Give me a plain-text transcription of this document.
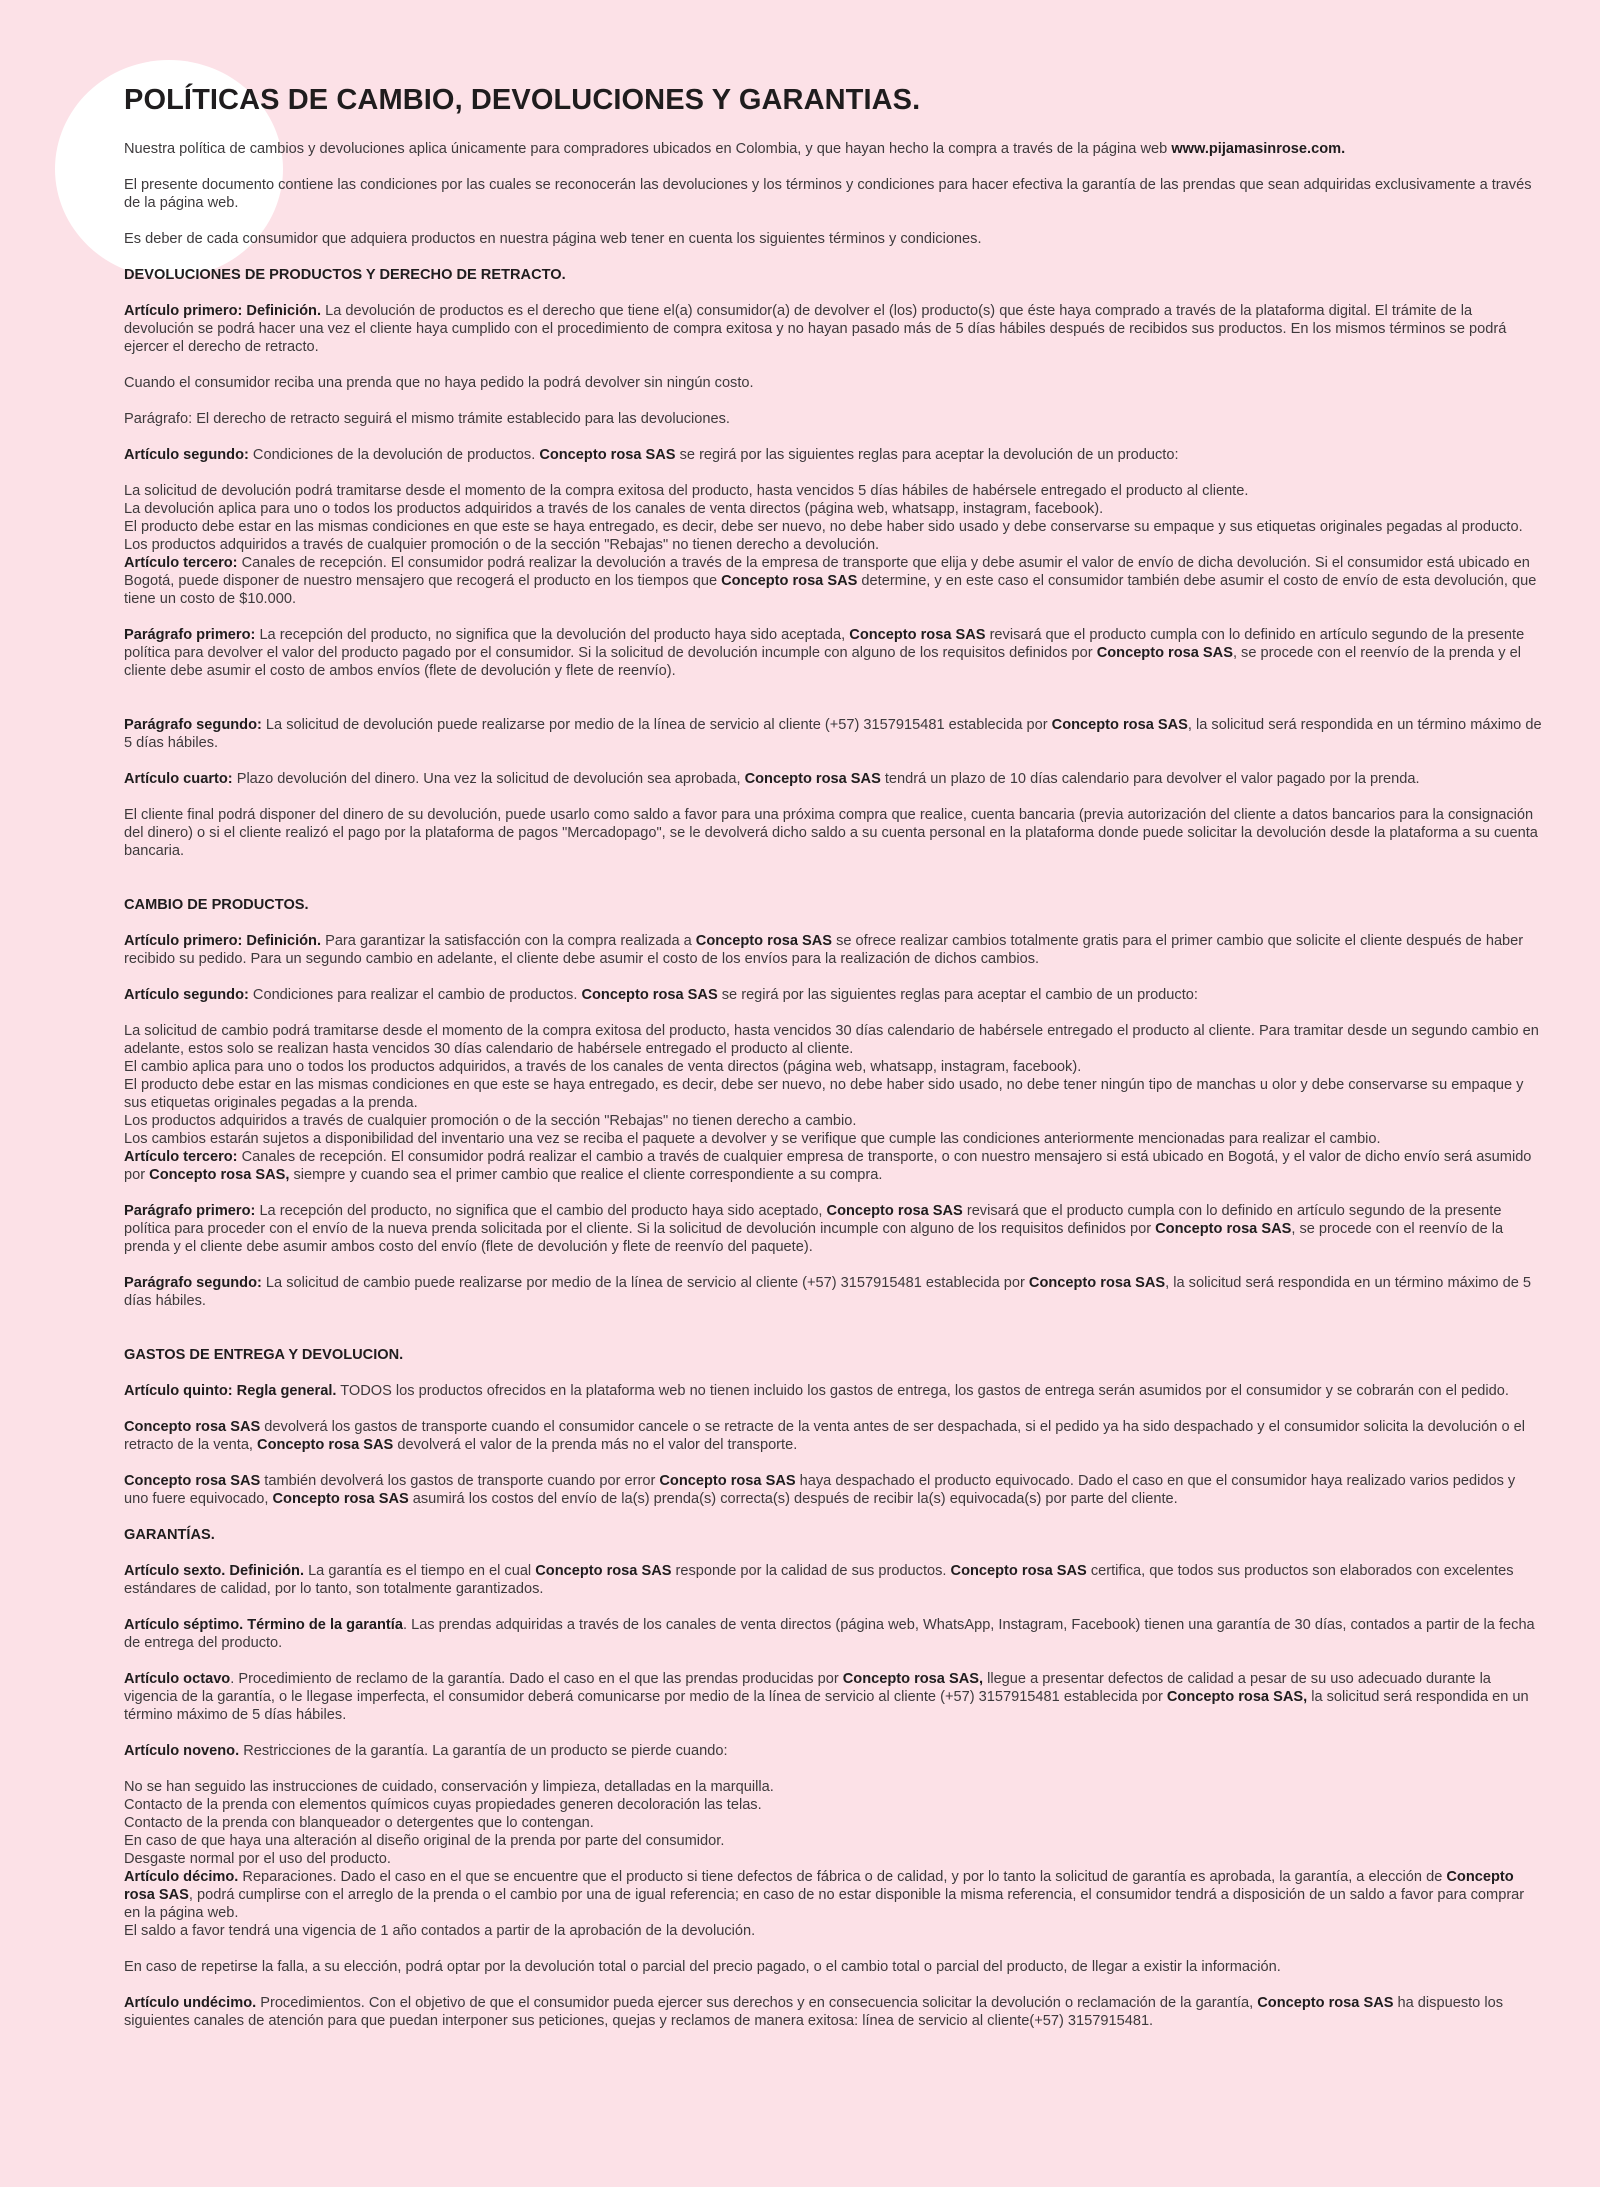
POLÍTICAS DE CAMBIO, DEVOLUCIONES Y GARANTIAS.

Nuestra política de cambios y devoluciones aplica únicamente para compradores ubicados en Colombia, y que hayan hecho la compra a través de la página web www.pijamasinrose.com.

El presente documento contiene las condiciones por las cuales se reconocerán las devoluciones y los términos y condiciones para hacer efectiva la garantía de las prendas que sean adquiridas exclusivamente a través de la página web.

Es deber de cada consumidor que adquiera productos en nuestra página web tener en cuenta los siguientes términos y condiciones.

DEVOLUCIONES DE PRODUCTOS Y DERECHO DE RETRACTO.

Artículo primero: Definición. La devolución de productos es el derecho que tiene el(a) consumidor(a) de devolver el (los) producto(s) que éste haya comprado a través de la plataforma digital. El trámite de la devolución se podrá hacer una vez el cliente haya cumplido con el procedimiento de compra exitosa y no hayan pasado más de 5 días hábiles después de recibidos sus productos. En los mismos términos se podrá ejercer el derecho de retracto.

Cuando el consumidor reciba una prenda que no haya pedido la podrá devolver sin ningún costo.

Parágrafo: El derecho de retracto seguirá el mismo trámite establecido para las devoluciones.

Artículo segundo: Condiciones de la devolución de productos. Concepto rosa SAS se regirá por las siguientes reglas para aceptar la devolución de un producto:

La solicitud de devolución podrá tramitarse desde el momento de la compra exitosa del producto, hasta vencidos 5 días hábiles de habérsele entregado el producto al cliente.

La devolución aplica para uno o todos los productos adquiridos a través de los canales de venta directos (página web, whatsapp, instagram, facebook).

El producto debe estar en las mismas condiciones en que este se haya entregado, es decir, debe ser nuevo, no debe haber sido usado y debe conservarse su empaque y sus etiquetas originales pegadas al producto.

Los productos adquiridos a través de cualquier promoción o de la sección "Rebajas" no tienen derecho a devolución.

Artículo tercero: Canales de recepción. El consumidor podrá realizar la devolución a través de la empresa de transporte que elija y debe asumir el valor de envío de dicha devolución. Si el consumidor está ubicado en Bogotá, puede disponer de nuestro mensajero que recogerá el producto en los tiempos que Concepto rosa SAS determine, y en este caso el consumidor también debe asumir el costo de envío de esta devolución, que tiene un costo de $10.000.

Parágrafo primero: La recepción del producto, no significa que la devolución del producto haya sido aceptada, Concepto rosa SAS revisará que el producto cumpla con lo definido en artículo segundo de la presente política para devolver el valor del producto pagado por el consumidor. Si la solicitud de devolución incumple con alguno de los requisitos definidos por Concepto rosa SAS, se procede con el reenvío de la prenda y el cliente debe asumir el costo de ambos envíos (flete de devolución y flete de reenvío).

Parágrafo segundo: La solicitud de devolución puede realizarse por medio de la línea de servicio al cliente (+57) 3157915481 establecida por Concepto rosa SAS, la solicitud será respondida en un término máximo de 5 días hábiles.

Artículo cuarto: Plazo devolución del dinero. Una vez la solicitud de devolución sea aprobada, Concepto rosa SAS tendrá un plazo de 10 días calendario para devolver el valor pagado por la prenda.

El cliente final podrá disponer del dinero de su devolución, puede usarlo como saldo a favor para una próxima compra que realice, cuenta bancaria (previa autorización del cliente a datos bancarios para la consignación del dinero) o si el cliente realizó el pago por la plataforma de pagos "Mercadopago", se le devolverá dicho saldo a su cuenta personal en la plataforma donde puede solicitar la devolución desde la plataforma a su cuenta bancaria.

CAMBIO DE PRODUCTOS.

Artículo primero: Definición. Para garantizar la satisfacción con la compra realizada a Concepto rosa SAS se ofrece realizar cambios totalmente gratis para el primer cambio que solicite el cliente después de haber recibido su pedido. Para un segundo cambio en adelante, el cliente debe asumir el costo de los envíos para la realización de dichos cambios.

Artículo segundo: Condiciones para realizar el cambio de productos. Concepto rosa SAS se regirá por las siguientes reglas para aceptar el cambio de un producto:

La solicitud de cambio podrá tramitarse desde el momento de la compra exitosa del producto, hasta vencidos 30 días calendario de habérsele entregado el producto al cliente. Para tramitar desde un segundo cambio en adelante, estos solo se realizan hasta vencidos 30 días calendario de habérsele entregado el producto al cliente.

El cambio aplica para uno o todos los productos adquiridos, a través de los canales de venta directos (página web, whatsapp, instagram, facebook).

El producto debe estar en las mismas condiciones en que este se haya entregado, es decir, debe ser nuevo, no debe haber sido usado, no debe tener ningún tipo de manchas u olor y debe conservarse su empaque y sus etiquetas originales pegadas a la prenda.

Los productos adquiridos a través de cualquier promoción o de la sección "Rebajas" no tienen derecho a cambio.

Los cambios estarán sujetos a disponibilidad del inventario una vez se reciba el paquete a devolver y se verifique que cumple las condiciones anteriormente mencionadas para realizar el cambio.

Artículo tercero: Canales de recepción. El consumidor podrá realizar el cambio a través de cualquier empresa de transporte, o con nuestro mensajero si está ubicado en Bogotá, y el valor de dicho envío será asumido por Concepto rosa SAS, siempre y cuando sea el primer cambio que realice el cliente correspondiente a su compra.

Parágrafo primero: La recepción del producto, no significa que el cambio del producto haya sido aceptado, Concepto rosa SAS revisará que el producto cumpla con lo definido en artículo segundo de la presente política para proceder con el envío de la nueva prenda solicitada por el cliente. Si la solicitud de devolución incumple con alguno de los requisitos definidos por Concepto rosa SAS, se procede con el reenvío de la prenda y el cliente debe asumir ambos costo del envío (flete de devolución y flete de reenvío del paquete).

Parágrafo segundo: La solicitud de cambio puede realizarse por medio de la línea de servicio al cliente (+57) 3157915481 establecida por Concepto rosa SAS, la solicitud será respondida en un término máximo de 5 días hábiles.

GASTOS DE ENTREGA Y DEVOLUCION.

Artículo quinto: Regla general. TODOS los productos ofrecidos en la plataforma web no tienen incluido los gastos de entrega, los gastos de entrega serán asumidos por el consumidor y se cobrarán con el pedido.

Concepto rosa SAS devolverá los gastos de transporte cuando el consumidor cancele o se retracte de la venta antes de ser despachada, si el pedido ya ha sido despachado y el consumidor solicita la devolución o el retracto de la venta, Concepto rosa SAS devolverá el valor de la prenda más no el valor del transporte.

Concepto rosa SAS también devolverá los gastos de transporte cuando por error Concepto rosa SAS haya despachado el producto equivocado. Dado el caso en que el consumidor haya realizado varios pedidos y uno fuere equivocado, Concepto rosa SAS asumirá los costos del envío de la(s) prenda(s) correcta(s) después de recibir la(s) equivocada(s) por parte del cliente.

GARANTÍAS.

Artículo sexto. Definición. La garantía es el tiempo en el cual Concepto rosa SAS responde por la calidad de sus productos. Concepto rosa SAS certifica, que todos sus productos son elaborados con excelentes estándares de calidad, por lo tanto, son totalmente garantizados.

Artículo séptimo. Término de la garantía. Las prendas adquiridas a través de los canales de venta directos (página web, WhatsApp, Instagram, Facebook) tienen una garantía de 30 días, contados a partir de la fecha de entrega del producto.

Artículo octavo. Procedimiento de reclamo de la garantía. Dado el caso en el que las prendas producidas por Concepto rosa SAS, llegue a presentar defectos de calidad a pesar de su uso adecuado durante la vigencia de la garantía, o le llegase imperfecta, el consumidor deberá comunicarse por medio de la línea de servicio al cliente (+57) 3157915481 establecida por Concepto rosa SAS, la solicitud será respondida en un término máximo de 5 días hábiles.

Artículo noveno. Restricciones de la garantía. La garantía de un producto se pierde cuando:

No se han seguido las instrucciones de cuidado, conservación y limpieza, detalladas en la marquilla.

Contacto de la prenda con elementos químicos cuyas propiedades generen decoloración las telas.

Contacto de la prenda con blanqueador o detergentes que lo contengan.

En caso de que haya una alteración al diseño original de la prenda por parte del consumidor.

Desgaste normal por el uso del producto.

Artículo décimo. Reparaciones. Dado el caso en el que se encuentre que el producto si tiene defectos de fábrica o de calidad, y por lo tanto la solicitud de garantía es aprobada, la garantía, a elección de Concepto rosa SAS, podrá cumplirse con el arreglo de la prenda o el cambio por una de igual referencia; en caso de no estar disponible la misma referencia, el consumidor tendrá a disposición de un saldo a favor para comprar en la página web.

El saldo a favor tendrá una vigencia de 1 año contados a partir de la aprobación de la devolución.

En caso de repetirse la falla, a su elección, podrá optar por la devolución total o parcial del precio pagado, o el cambio total o parcial del producto, de llegar a existir la información.

Artículo undécimo. Procedimientos. Con el objetivo de que el consumidor pueda ejercer sus derechos y en consecuencia solicitar la devolución o reclamación de la garantía, Concepto rosa SAS ha dispuesto los siguientes canales de atención para que puedan interponer sus peticiones, quejas y reclamos de manera exitosa: línea de servicio al cliente(+57) 3157915481.
